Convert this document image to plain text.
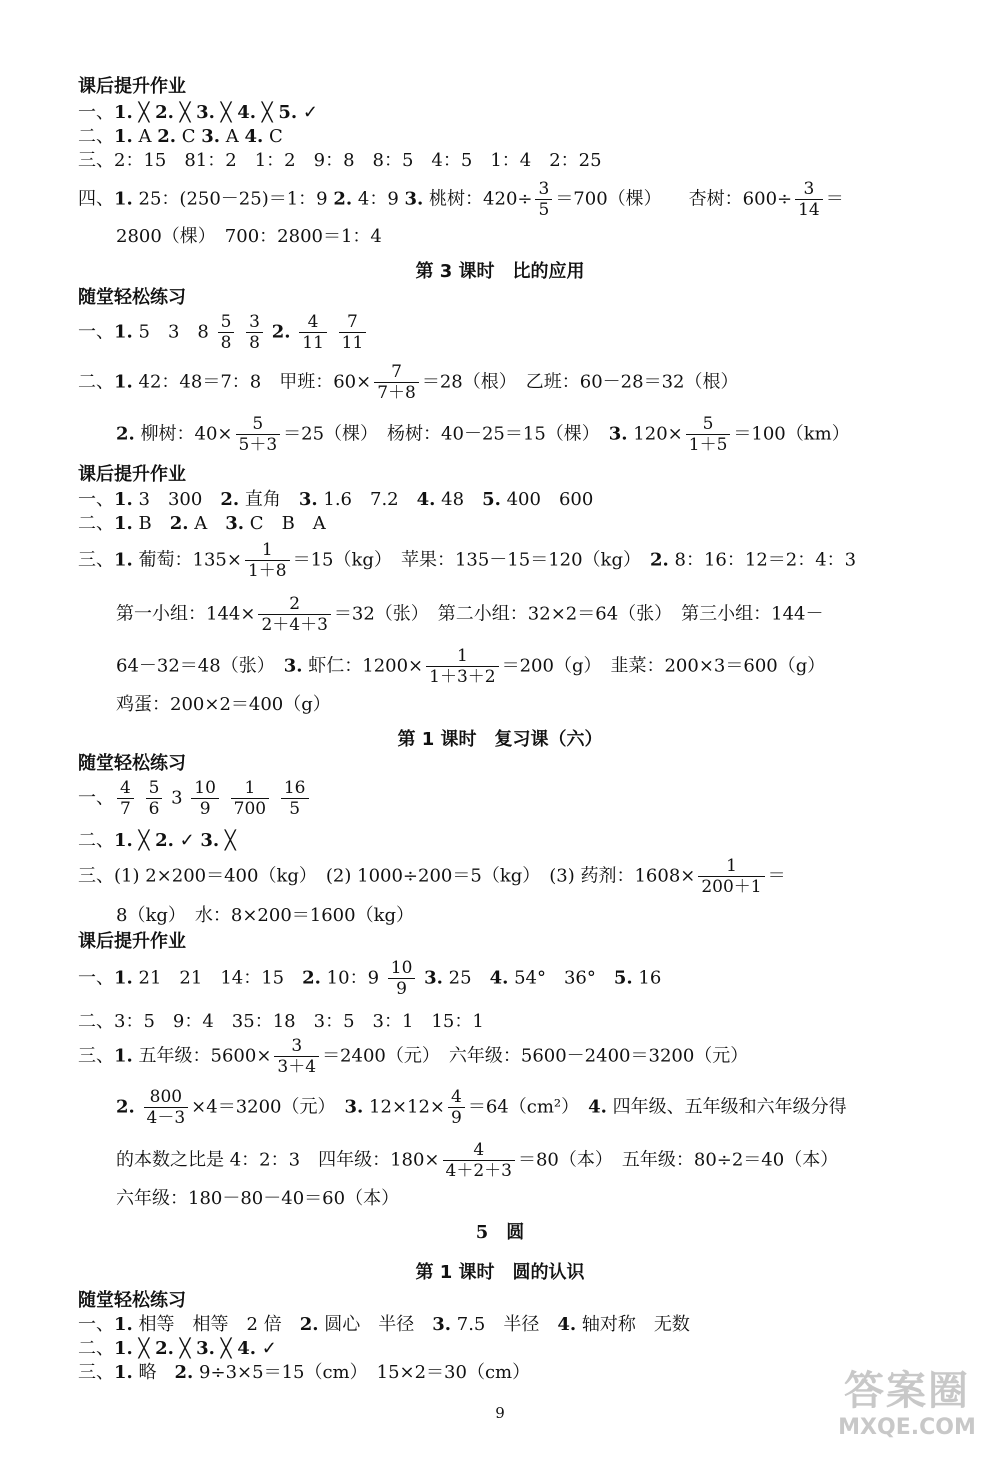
课后提升作业
一、1. ╳ 2. ╳ 3. ╳ 4. ╳ 5. ✓
二、1. A 2. C 3. A 4. C
三、2：15　81：2　1：2　9：8　8：5　4：5　1：4　2：25
四、1. 25：(250－25)＝1：9 2. 4：9 3. 桃树：$420\div \frac{3}{5} =700$（棵）　　杏树：$600\div \frac{3}{14}$ ＝
2800（棵）　700：2800＝1：4
第 3 课时　比的应用
随堂轻松练习
一、1. 5　3　$8 \frac{5}{8}$
$\frac{3}{8} 2$. $\frac{4}{11}$
$\frac{7}{11}$
二、1. 42：48＝7：8　甲班：$60\times \frac{7}{7+8} =28$（根）　乙班：60－28＝32（根）
2. 柳树：$40\times \frac{5}{5+3} =25$（棵）　杨树：40－25＝15（棵）　3. $120\times \frac{5}{1+5} =100(km)$
课后提升作业
一、1. 3　300　2. 直角　3. 1.6　7.2　4. 48　5. 400　600
二、1. B　2. A　3. C　B　A
三、1. 葡萄：$135\times \frac{1}{1+8} =15(kg)$　苹果：135－15＝120（kg）　2. 8：16：12＝2：4：3
第一小组：$144\times \frac{2}{2+4+3} =32$（张）　第二小组：32×2＝64（张）　第三小组：144－
64－32＝48（张）　3. 虾仁：$1200\times \frac{1}{1+3+2} =200(g)$　韭菜：200×3＝600（g）
鸡蛋：200×2＝400（g）
第 1 课时　复习课（六）
随堂轻松练习
一、 $\frac{4}{7}$
$\frac{5}{6} 3 \frac{10}{9}$
$\frac{1}{700}$
$\frac{16}{5}$
二、1. ╳ 2. ✓ 3. ╳
三、(1) 2×200＝400（kg）　(2) 1000÷200＝5（kg）　(3) 药剂：$1608\times \frac{1}{200+1}$ ＝
8（kg）　水：8×200＝1600（kg）
课后提升作业
一、1. 21　21　14：15　2. 10：$9 \frac{10}{9} 3$. 25　4. 54°　36°　5. 16
二、3：5　9：4　35：18　3：5　3：1　15：1
三、1. 五年级：$5600\times \frac{3}{3+4} =2400$（元）　六年级：5600－2400＝3200（元）
2. $\frac{800}{4-3} \times 4=3200$（元）　3. $12\times 12\times \frac{4}{9} =64(cm^2)$　4. 四年级、五年级和六年级分得
的本数之比是 4：2：3　四年级：$180\times \frac{4}{4+2+3} =80$（本）　五年级：80÷2＝40（本）
六年级：180－80－40＝60（本）
5　圆
第 1 课时　圆的认识
随堂轻松练习
一、1. 相等　相等　2 倍　2. 圆心　半径　3. 7.5　半径　4. 轴对称　无数
二、1. ╳ 2. ╳ 3. ╳ 4. ✓
三、1. 略　2. 9÷3×5＝15（cm）　15×2＝30（cm）
9	答案圈
MXQE.COM
